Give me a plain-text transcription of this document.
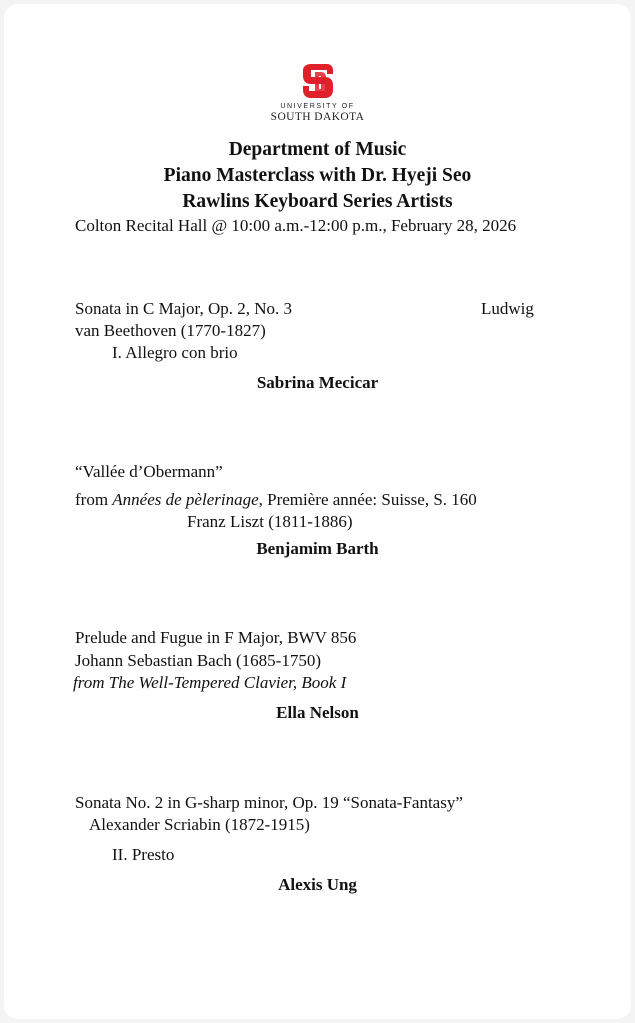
UNIVERSITY OF
SOUTH DAKOTA
Department of Music
Piano Masterclass with Dr. Hyeji Seo
Rawlins Keyboard Series Artists
Colton Recital Hall @ 10:00 a.m.-12:00 p.m., February 28, 2026
Sonata in C Major, Op. 2, No. 3	Ludwig
van Beethoven (1770-1827)
I. Allegro con brio
Sabrina Mecicar
“Vallée d’Obermann”
from Années de pèlerinage, Première année: Suisse, S. 160
Franz Liszt (1811-1886)
Benjamim Barth
Prelude and Fugue in F Major, BWV 856
Johann Sebastian Bach (1685-1750)
from The Well-Tempered Clavier, Book I
Ella Nelson
Sonata No. 2 in G-sharp minor, Op. 19 “Sonata-Fantasy”
Alexander Scriabin (1872-1915)
II. Presto
Alexis Ung
